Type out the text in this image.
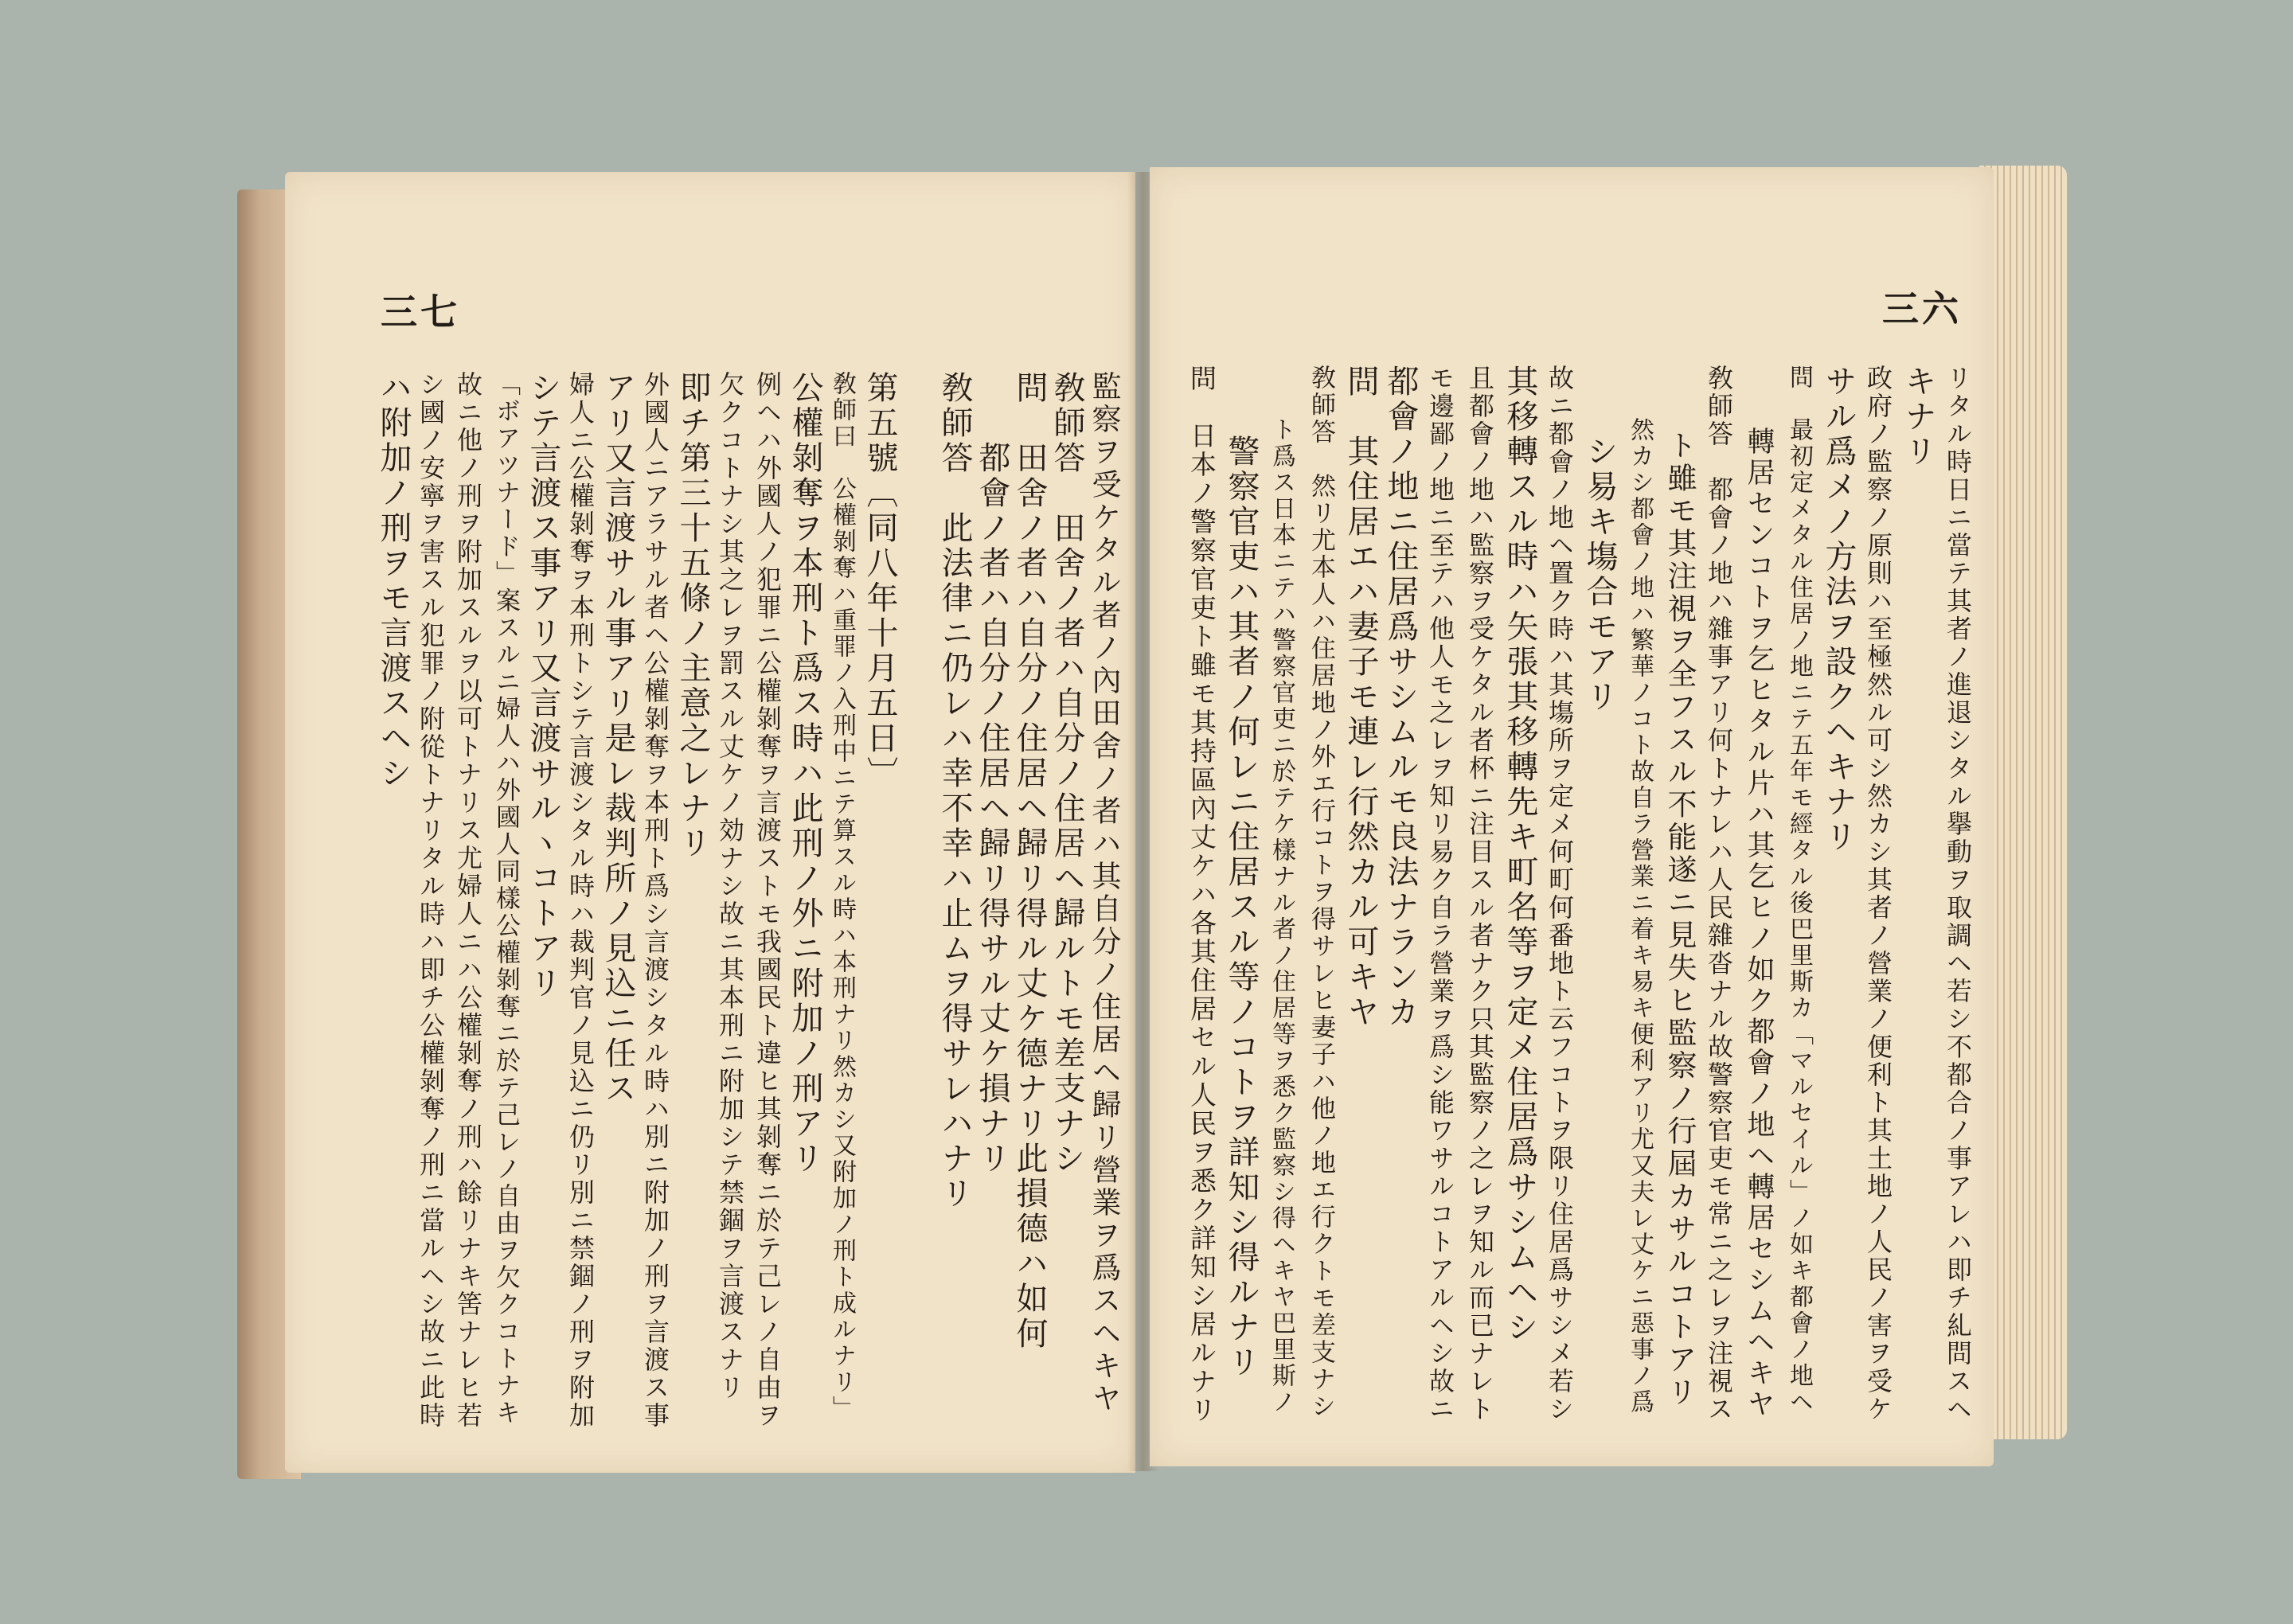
三七
監察ヲ受ケタル者ノ內田舍ノ者ハ其自分ノ住居ヘ歸リ營業ヲ爲スヘキヤ
敎師答　田舍ノ者ハ自分ノ住居ヘ歸ルトモ差支ナシ
問　田舍ノ者ハ自分ノ住居ヘ歸リ得ル丈ケ德ナリ此損德ハ如何
　　都會ノ者ハ自分ノ住居ヘ歸リ得サル丈ケ損ナリ
敎師答　此法律ニ仍レハ幸不幸ハ止ムヲ得サレハナリ
第五號〔同八年十月五日〕
敎師曰　公權剝奪ハ重罪ノ入刑中ニテ算スル時ハ本刑ナリ然カシ又附加ノ刑ト成ルナリ」
公權剝奪ヲ本刑ト爲ス時ハ此刑ノ外ニ附加ノ刑アリ
例ヘハ外國人ノ犯罪ニ公權剝奪ヲ言渡ストモ我國民ト違ヒ其剝奪ニ於テ己レノ自由ヲ
欠クコトナシ其之レヲ罰スル丈ケノ効ナシ故ニ其本刑ニ附加シテ禁錮ヲ言渡スナリ
即チ第三十五條ノ主意之レナリ
外國人ニアラサル者ヘ公權剝奪ヲ本刑ト爲シ言渡シタル時ハ別ニ附加ノ刑ヲ言渡ス事
アリ又言渡サル事アリ是レ裁判所ノ見込ニ任ス
婦人ニ公權剝奪ヲ本刑トシテ言渡シタル時ハ裁判官ノ見込ニ仍リ別ニ禁錮ノ刑ヲ附加
シテ言渡ス事アリ又言渡サルヽコトアリ
「ボアツナード」案スルニ婦人ハ外國人同樣公權剝奪ニ於テ己レノ自由ヲ欠クコトナキ
故ニ他ノ刑ヲ附加スルヲ以可トナリス尤婦人ニハ公權剝奪ノ刑ハ餘リナキ筈ナレヒ若
シ國ノ安寧ヲ害スル犯罪ノ附從トナリタル時ハ即チ公權剝奪ノ刑ニ當ルヘシ故ニ此時
ハ附加ノ刑ヲモ言渡スヘシ
三六
リタル時日ニ當テ其者ノ進退シタル擧動ヲ取調ヘ若シ不都合ノ事アレハ即チ糺問スヘ
キナリ
政府ノ監察ノ原則ハ至極然ル可シ然カシ其者ノ營業ノ便利ト其土地ノ人民ノ害ヲ受ケ
サル爲メノ方法ヲ設クヘキナリ
問　最初定メタル住居ノ地ニテ五年モ經タル後巴里斯カ「マルセイル」ノ如キ都會ノ地ヘ
　　轉居センコトヲ乞ヒタル片ハ其乞ヒノ如ク都會ノ地ヘ轉居セシムヘキヤ
敎師答　都會ノ地ハ雜事アリ何トナレハ人民雜沓ナル故警察官吏モ常ニ之レヲ注視ス
　　ト雖モ其注視ヲ全フスル不能遂ニ見失ヒ監察ノ行屆カサルコトアリ
　　然カシ都會ノ地ハ繁華ノコト故自ラ營業ニ着キ易キ便利アリ尤又夫レ丈ケニ惡事ノ爲
　　シ易キ塲合モアリ
故ニ都會ノ地ヘ置ク時ハ其塲所ヲ定メ何町何番地ト云フコトヲ限リ住居爲サシメ若シ
其移轉スル時ハ矢張其移轉先キ町名等ヲ定メ住居爲サシムヘシ
且都會ノ地ハ監察ヲ受ケタル者杯ニ注目スル者ナク只其監察ノ之レヲ知ル而已ナレト
モ邊鄙ノ地ニ至テハ他人モ之レヲ知リ易ク自ラ營業ヲ爲シ能ワサルコトアルヘシ故ニ
都會ノ地ニ住居爲サシムルモ良法ナランカ
問　其住居エハ妻子モ連レ行然カル可キヤ
敎師答　然リ尤本人ハ住居地ノ外エ行コトヲ得サレヒ妻子ハ他ノ地エ行クトモ差支ナシ
　　ト爲ス日本ニテハ警察官吏ニ於テケ樣ナル者ノ住居等ヲ悉ク監察シ得ヘキヤ巴里斯ノ
　　警察官吏ハ其者ノ何レニ住居スル等ノコトヲ詳知シ得ルナリ
問　日本ノ警察官吏ト雖モ其持區內丈ケハ各其住居セル人民ヲ悉ク詳知シ居ルナリ
